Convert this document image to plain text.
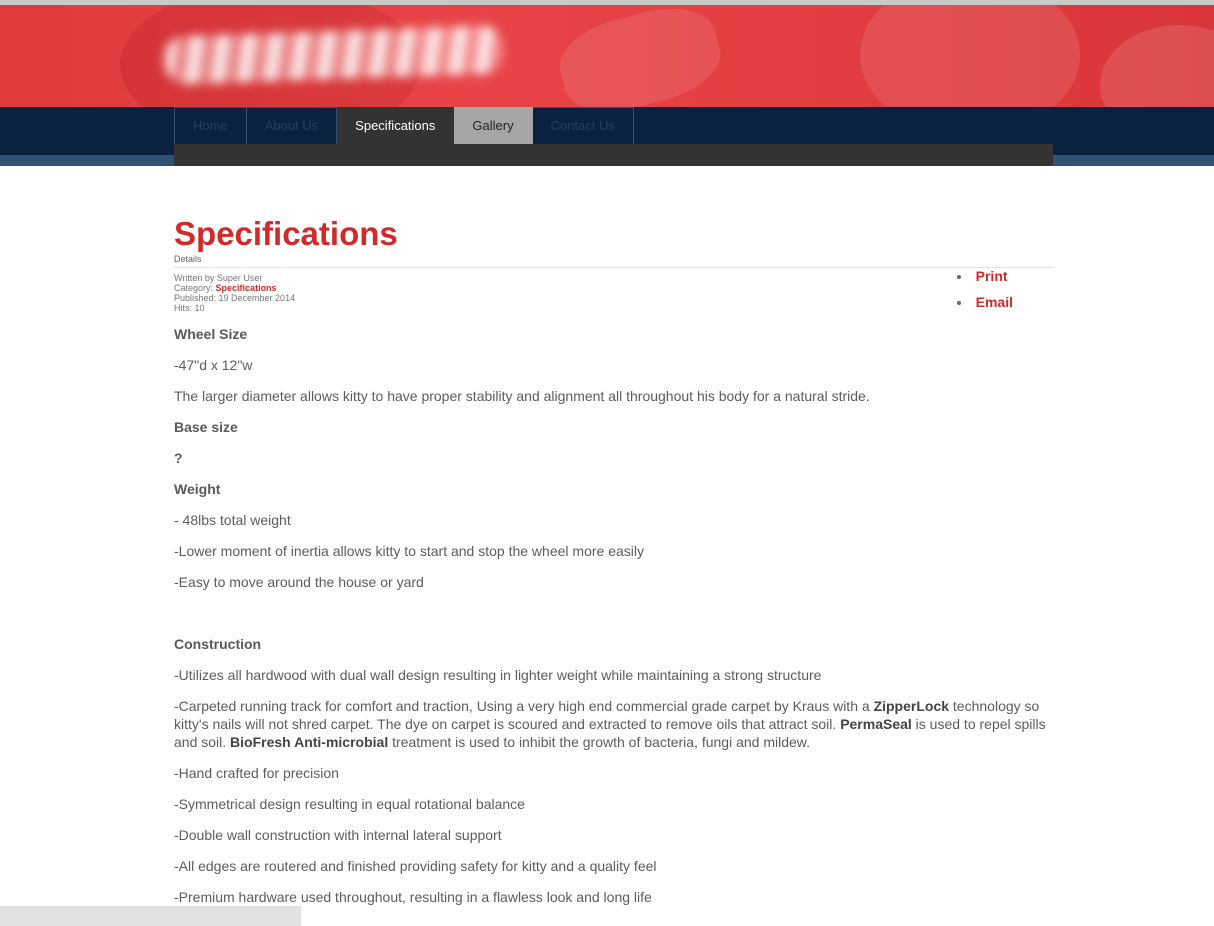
Home	About Us	Specifications	Gallery	Contact Us
Specifications
Details
• Print
• Email
Written by Super User
Category: Specifications
Published: 19 December 2014
Hits: 10

Wheel Size

-47"d x 12"w

The larger diameter allows kitty to have proper stability and alignment all throughout his body for a natural stride.

Base size

?

Weight

- 48lbs total weight

-Lower moment of inertia allows kitty to start and stop the wheel more easily

-Easy to move around the house or yard

Construction

-Utilizes all hardwood with dual wall design resulting in lighter weight while maintaining a strong structure

-Carpeted running track for comfort and traction, Using a very high end commercial grade carpet by Kraus with a ZipperLock technology so kitty's nails will not shred carpet. The dye on carpet is scoured and extracted to remove oils that attract soil. PermaSeal is used to repel spills and soil. BioFresh Anti-microbial treatment is used to inhibit the growth of bacteria, fungi and mildew.

-Hand crafted for precision

-Symmetrical design resulting in equal rotational balance

-Double wall construction with internal lateral support

-All edges are routered and finished providing safety for kitty and a quality feel

-Premium hardware used throughout, resulting in a flawless look and long life
